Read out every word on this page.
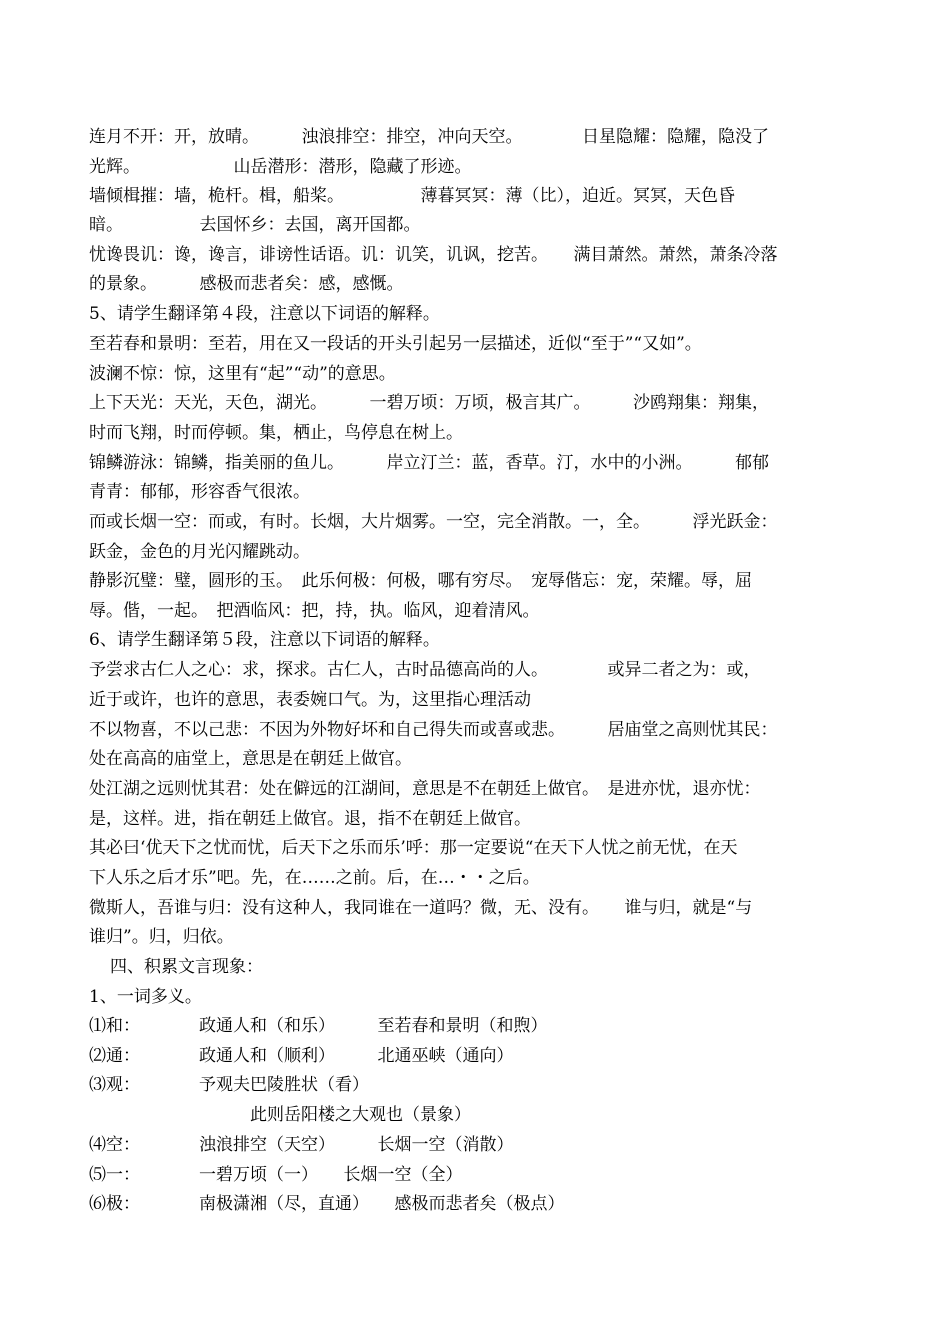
连月不开：开，放晴。　　　浊浪排空：排空，冲向天空。　　　　日星隐耀：隐耀，隐没了
光辉。　　　　　　山岳潜形：潜形，隐藏了形迹。
墙倾楫摧：墙，桅杆。楫，船桨。　　　　　薄暮冥冥：薄（比），迫近。冥冥，天色昏
暗。　　　　　去国怀乡：去国，离开国都。
忧谗畏讥：谗，谗言，诽谤性话语。讥：讥笑，讥讽，挖苦。　　满目萧然。萧然，萧条冷落
的景象。　　　感极而悲者矣：感，感慨。
5、请学生翻译第４段，注意以下词语的解释。
至若春和景明：至若，用在又一段话的开头引起另一层描述，近似“至于”“又如”。
波澜不惊：惊，这里有“起”“动”的意思。
上下天光：天光，天色，湖光。　　　一碧万顷：万顷，极言其广。　　　沙鸥翔集：翔集，
时而飞翔，时而停顿。集，栖止，鸟停息在树上。
锦鳞游泳：锦鳞，指美丽的鱼儿。　　　岸立汀兰：蓝，香草。汀，水中的小洲。　　　郁郁
青青：郁郁，形容香气很浓。
而或长烟一空：而或，有时。长烟，大片烟雾。一空，完全消散。一，全。　　　浮光跃金：
跃金，金色的月光闪耀跳动。
静影沉璧：璧，圆形的玉。　此乐何极：何极，哪有穷尽。　宠辱偕忘：宠，荣耀。辱，屈
辱。偕，一起。　把酒临风：把，持，执。临风，迎着清风。
6、请学生翻译第５段，注意以下词语的解释。
予尝求古仁人之心：求，探求。古仁人，古时品德高尚的人。　　　　或异二者之为：或，
近于或许，也许的意思，表委婉口气。为，这里指心理活动
不以物喜，不以己悲：不因为外物好坏和自己得失而或喜或悲。　　　居庙堂之高则忧其民：
处在高高的庙堂上，意思是在朝廷上做官。
处江湖之远则忧其君：处在僻远的江湖间，意思是不在朝廷上做官。　是进亦忧，退亦忧：
是，这样。进，指在朝廷上做官。退，指不在朝廷上做官。
其必曰‘优天下之忧而忧，后天下之乐而乐’呼：那一定要说“在天下人忧之前无忧，在天
下人乐之后才乐”吧。先，在……之前。后，在…・・之后。
微斯人，吾谁与归：没有这种人，我同谁在一道吗？微，无、没有。　　谁与归，就是“与
谁归”。归，归依。
四、积累文言现象：
1、一词多义。
⑴和：	政通人和（和乐）　　　至若春和景明（和煦）
⑵通：	政通人和（顺利）　　　北通巫峡（通向）
⑶观：	予观夫巴陵胜状（看）
　　　此则岳阳楼之大观也（景象）
⑷空：	浊浪排空（天空）　　　长烟一空（消散）
⑸一：	一碧万顷（一）　　长烟一空（全）
⑹极：	南极潇湘（尽，直通）　　感极而悲者矣（极点）
